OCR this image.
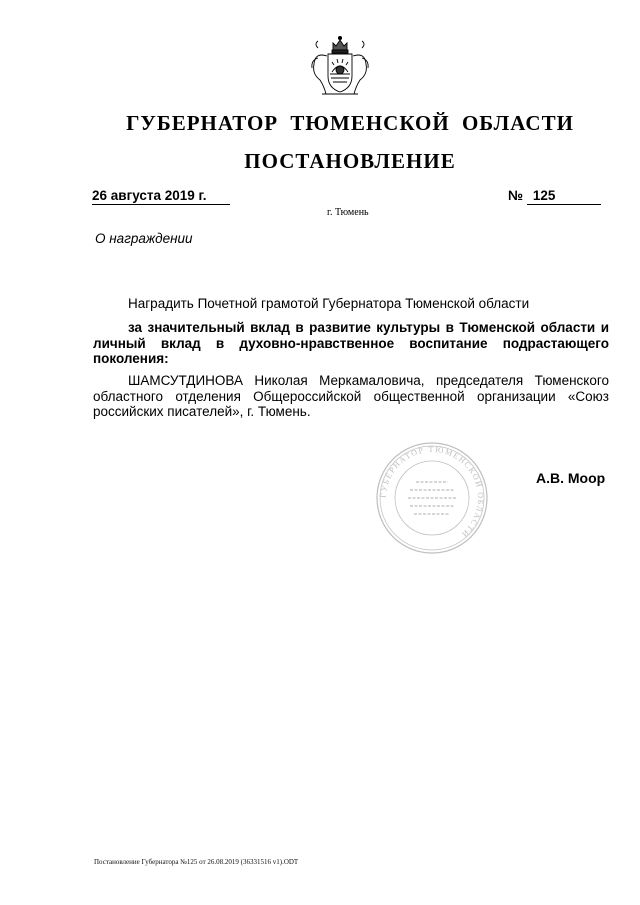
ГУБЕРНАТОР ТЮМЕНСКОЙ ОБЛАСТИ
ПОСТАНОВЛЕНИЕ
26 августа 2019 г.	№ 125
г. Тюмень
О награждении
Наградить Почетной грамотой Губернатора Тюменской области
за значительный вклад в развитие культуры в Тюменской области и личный вклад в духовно-нравственное воспитание подрастающего поколения:
ШАМСУТДИНОВА Николая Меркамаловича, председателя Тюменского областного отделения Общероссийской общественной организации «Союз российских писателей», г. Тюмень.
ГУБЕРНАТОР ТЮМЕНСКОЙ ОБЛАСТИ
А.В. Моор
Постановление Губернатора №125 от 26.08.2019 (36331516 v1).ODT
